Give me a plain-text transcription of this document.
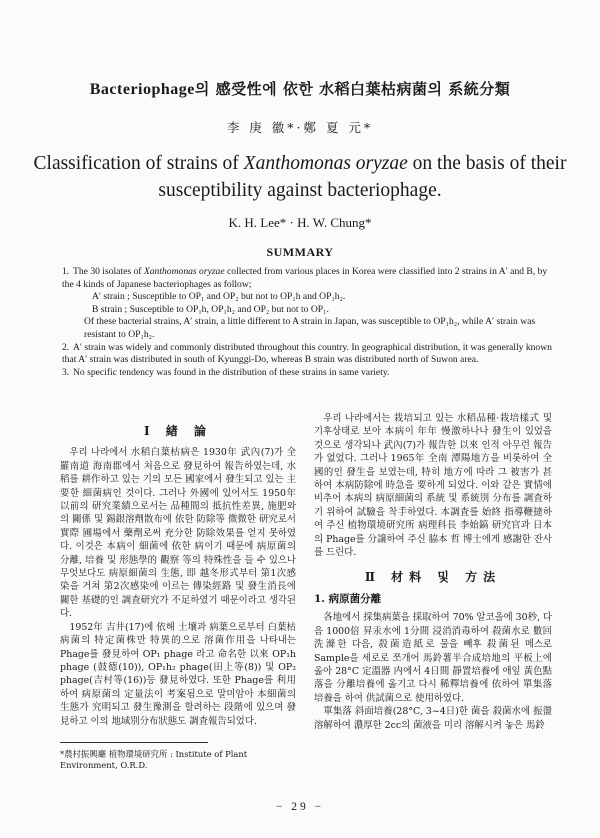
Bacteriophage의 感受性에 依한 水稻白葉枯病菌의 系統分類
李 庚 徽*·鄭 夏 元*
Classification of strains of Xanthomonas oryzae on the basis of their susceptibility against bacteriophage.
K. H. Lee* · H. W. Chung*
SUMMARY

1. The 30 isolates of Xanthomonas oryzae collected from various places in Korea were classified into 2 strains in A′ and B, by the 4 kinds of Japanese bacteriophages as follow;

A′ strain ; Susceptible to OP₁ and OP₂ but not to OP₁h and OP₁h₂.

B strain ; Susceptible to OP₁h, OP₁h₂ and OP₂ but not to OP₁.

Of these bacterial strains, A′ strain, a little different to A strain in Japan, was susceptible to OP₁h₂, while A′ strain was resistant to OP₁h₂.

2. A′ strain was widely and commonly distributed throughout this country. In geographical distribution, it was generally known that A′ strain was distributed in south of Kyunggi-Do, whereas B strain was distributed north of Suwon area.

3. No specific tendency was found in the distribution of these strains in same variety.

Ⅰ 緖 論

우리 나라에서 水稻白葉枯病은 1930年 武內(7)가 全羅南道 海南郡에서 처음으로 發見하여 報告하였는데, 水稻를 耕作하고 있는 기의 모든 國家에서 發生되고 있는 主要한 細菌病인 것이다. 그러나 外國에 있어서도 1950年 以前의 研究業績으로서는 品種間의 抵抗性差異, 施肥와의 關係 및 錫銀溶劑散布에 依한 防除等 微微한 研究로서 實際 圃場에서 藥劑로써 充分한 防除效果를 얻지 못하였다. 이것은 本病이 細菌에 依한 病이기 때문에 病原菌의 分離, 培養 및 形態學的 觀察 等의 特殊性을 들 수 있으나 무엇보다도 病原細菌의 生態, 即 越冬形式부터 第1次感染을 거쳐 第2次感染에 이르는 傳染經路 및 發生消長에 關한 基礎的인 調査研究가 不足하였기 때문이라고 생각된다.

1952年 吉井(17)에 依해 土壤과 病葉으로부터 白葉枯病菌의 特定菌株만 特異的으로 溶菌作用을 나타내는 Phage를 發見하여 OP₁ phage 라고 命名한 以來 OP₁h phage (鼓德(10)), OP₁h₂ phage(田上等(8)) 및 OP₂ phage(吉村等(16))등 發見하였다. 또한 Phage를 利用하여 病原菌의 定量法이 考案됨으로 말미암아 本細菌의 生態가 究明되고 發生豫測을 할려하는 段階에 있으며 發見하고 이의 地域別分布狀態도 調査報告되었다.

우리 나라에서는 栽培되고 있는 水稻品種·栽培樣式 및 기후상태로 보아 本病이 年年 慢激하나나 發生이 있었을 것으로 생각되나 武內(7)가 報告한 以來 인적 아무런 報告가 없었다. 그러나 1965年 全南 潭陽地方을 비롯하여 全國的인 發生을 보였는데, 特히 地方에 따라 그 被害가 甚하여 本病防除에 時急을 要하게 되었다. 이와 같은 實情에 비추어 本病의 病原細菌의 系統 및 系統別 分布를 調査하기 위하여 試驗을 착手하였다. 本調査를 始終 指導鞭撻하여 주신 植物環境研究所 病理科長 李始鎬 研究官과 日本의 Phage를 分譲하여 주신 脇本 哲 博士에게 感謝한 잔사를 드린다.

Ⅱ 材料 및 方法
1. 病原菌分離

各地에서 採集病葉을 採取하여 70% 알코올에 30秒, 다음 1000倍 昇汞水에 1分間 浸消消毒하여 殺菌水로 數回 洗滌한 다음, 殺菌造紙로 물을 빼후 殺菌된 메스로 Sample을 세로로 쪼개어 馬鈴薯半合成培地의 平板上에 옮아 28°C 定溫器 内에서 4日間 靜置培養에 애잎 黃色點落을 分離培養에 옮기고 다시 稀釋培養에 依하여 單集落培養을 하여 供試菌으로 使用하였다.

單集落 斜面培養(28°C, 3~4日)한 菌을 殺菌水에 振盪溶解하여 濃厚한 2cc의 菌液을 미리 溶解시켜 놓은 馬鈴

*農村振興廳 植物環境研究所 : Institute of Plant Environment, O.R.D.
− 29 −
